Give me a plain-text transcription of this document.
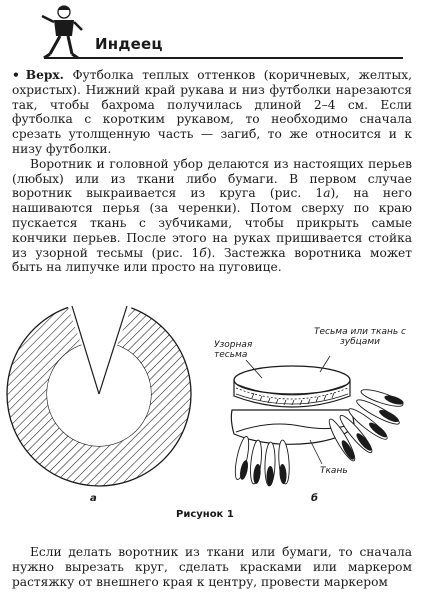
Индеец

• Верх. Футболка теплых оттенков (коричневых, желтых, охристых). Нижний край рукава и низ футболки нарезаются так, чтобы бахрома получилась длиной 2–4 см. Если футболка с коротким рукавом, то необходимо сначала срезать утолщенную часть — загиб, то же относится и к низу футболки.

Воротник и головной убор делаются из настоящих перьев (любых) или из ткани либо бумаги. В первом случае воротник выкраивается из круга (рис. 1а), на него нашиваются перья (за черенки). Потом сверху по краю пускается ткань с зубчиками, чтобы прикрыть самые кончики перьев. После этого на руках пришивается стойка из узорной тесьмы (рис. 1б). Застежка воротника может быть на липучке или просто на пуговице.

Узорная тесьма
Тесьма или ткань с зубцами
Ткань
а	б
Рисунок 1

Если делать воротник из ткани или бумаги, то сначала нужно вырезать круг, сделать красками или маркером растяжку от внешнего края к центру, провести маркером
